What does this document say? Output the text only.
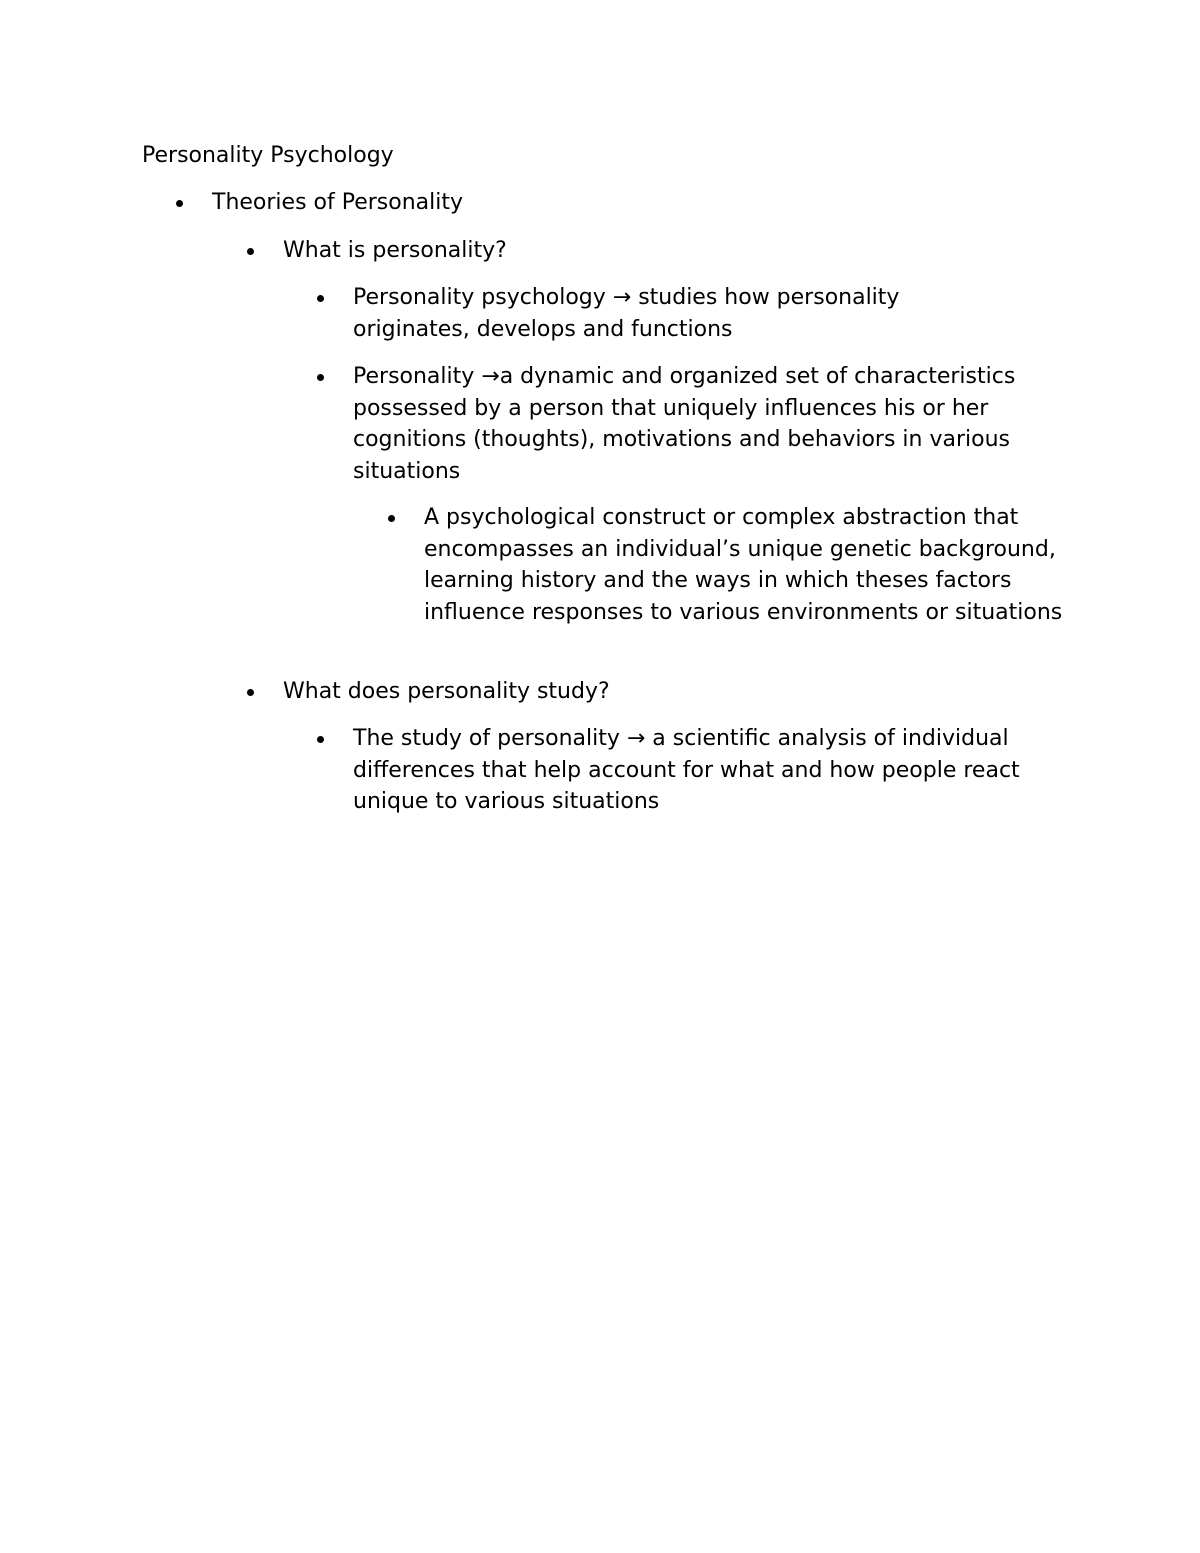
Personality Psychology

Theories of Personality

What is personality?

Personality psychology → studies how personality originates, develops and functions

Personality →a dynamic and organized set of characteristics possessed by a person that uniquely influences his or her cognitions (thoughts), motivations and behaviors in various situations

A psychological construct or complex abstraction that encompasses an individual’s unique genetic background, learning history and the ways in which theses factors influence responses to various environments or situations

What does personality study?

The study of personality → a scientific analysis of individual differences that help account for what and how people react unique to various situations
